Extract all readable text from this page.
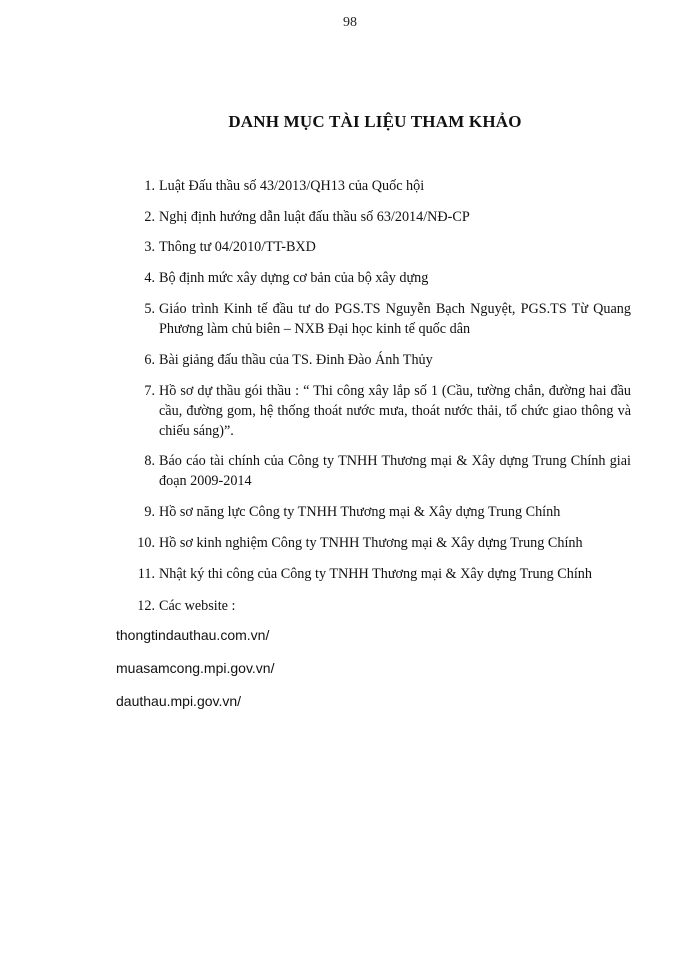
98
DANH MỤC TÀI LIỆU THAM KHẢO
1. Luật Đấu thầu số 43/2013/QH13 của Quốc hội
2. Nghị định hướng dẫn luật đấu thầu số 63/2014/NĐ-CP
3. Thông tư 04/2010/TT-BXD
4. Bộ định mức xây dựng cơ bản của bộ xây dựng
5. Giáo trình Kinh tế đầu tư do PGS.TS Nguyễn Bạch Nguyệt, PGS.TS Từ Quang Phương làm chủ biên – NXB Đại học kinh tế quốc dân
6. Bài giảng đấu thầu của TS. Đinh Đào Ánh Thủy
7. Hồ sơ dự thầu gói thầu : “ Thi công xây lắp số 1 (Cầu, tường chắn, đường hai đầu cầu, đường gom, hệ thống thoát nước mưa, thoát nước thải, tổ chức giao thông và chiếu sáng)”.
8. Báo cáo tài chính của Công ty TNHH Thương mại & Xây dựng Trung Chính giai đoạn 2009-2014
9. Hồ sơ năng lực Công ty TNHH Thương mại & Xây dựng Trung Chính
10. Hồ sơ kinh nghiệm Công ty TNHH Thương mại & Xây dựng Trung Chính
11. Nhật ký thi công của Công ty TNHH Thương mại & Xây dựng Trung Chính
12. Các website :
thongtindauthau.com.vn/
muasamcong.mpi.gov.vn/
dauthau.mpi.gov.vn/
